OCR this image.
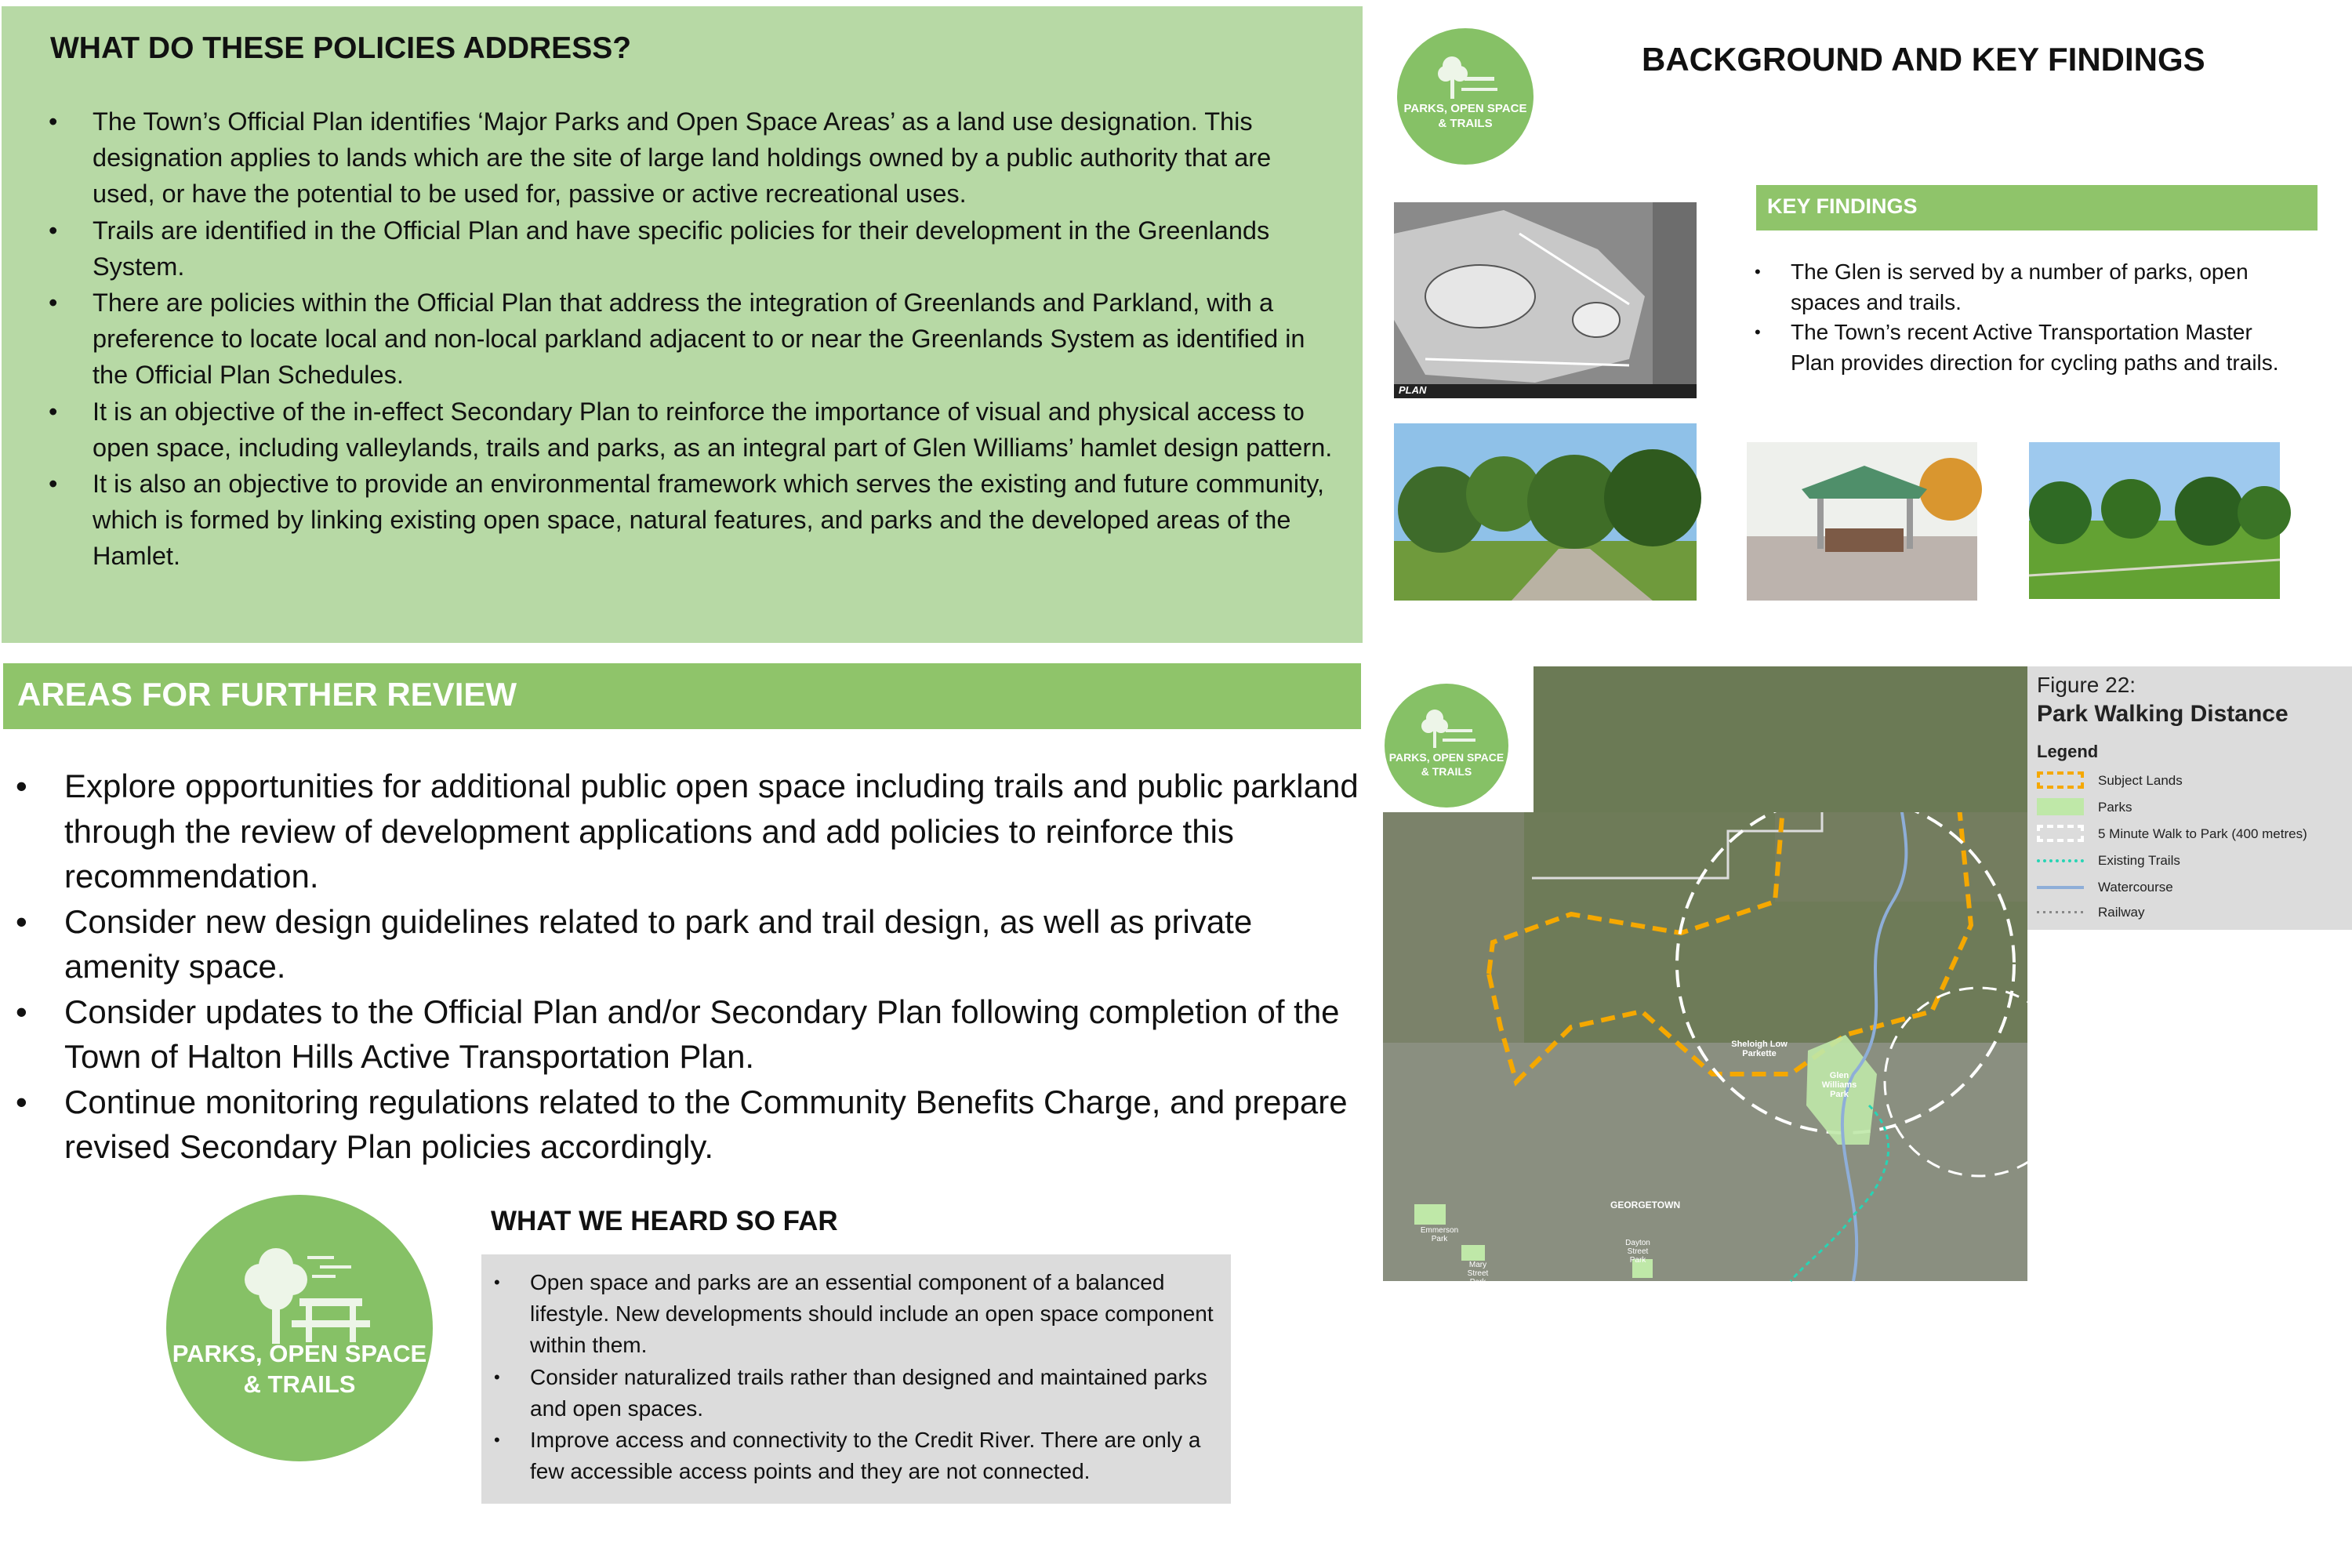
WHAT DO THESE POLICIES ADDRESS?
• The Town’s Official Plan identifies ‘Major Parks and Open Space Areas’ as a land use designation. This designation applies to lands which are the site of large land holdings owned by a public authority that are used, or have the potential to be used for, passive or active recreational uses.
• Trails are identified in the Official Plan and have specific policies for their development in the Greenlands System.
• There are policies within the Official Plan that address the integration of Greenlands and Parkland, with a preference to locate local and non-local parkland adjacent to or near the Greenlands System as identified in the Official Plan Schedules.
• It is an objective of the in-effect Secondary Plan to reinforce the importance of visual and physical access to open space, including valleylands, trails and parks, as an integral part of Glen Williams’ hamlet design pattern.
• It is also an objective to provide an environmental framework which serves the existing and future community, which is formed by linking existing open space, natural features, and parks and the developed areas of the Hamlet.
AREAS FOR FURTHER REVIEW
• Explore opportunities for additional public open space including trails and public parkland through the review of development applications and add policies to reinforce this recommendation.
• Consider new design guidelines related to park and trail design, as well as private amenity space.
• Consider updates to the Official Plan and/or Secondary Plan following completion of the Town of Halton Hills Active Transportation Plan.
• Continue monitoring regulations related to the Community Benefits Charge, and prepare revised Secondary Plan policies accordingly.
PARKS, OPEN SPACE
& TRAILS
WHAT WE HEARD SO FAR
• Open space and parks are an essential component of a balanced lifestyle. New developments should include an open space component within them.
• Consider naturalized trails rather than designed and maintained parks and open spaces.
• Improve access and connectivity to the Credit River. There are only a few accessible access points and they are not connected.
PARKS, OPEN SPACE
& TRAILS
BACKGROUND AND KEY FINDINGS
PLAN
KEY FINDINGS
• The Glen is served by a number of parks, open spaces and trails.
• The Town’s recent Active Transportation Master Plan provides direction for cycling paths and trails.
Sheloigh Low Parkette
Glen Williams Park
GEORGETOWN
Emmerson Park
Mary Street Park
Dayton Street Park
PARKS, OPEN SPACE
& TRAILS
Figure 22:
Park Walking Distance
Legend
Subject Lands
Parks
5 Minute Walk to Park (400 metres)
Existing Trails
Watercourse
Railway
